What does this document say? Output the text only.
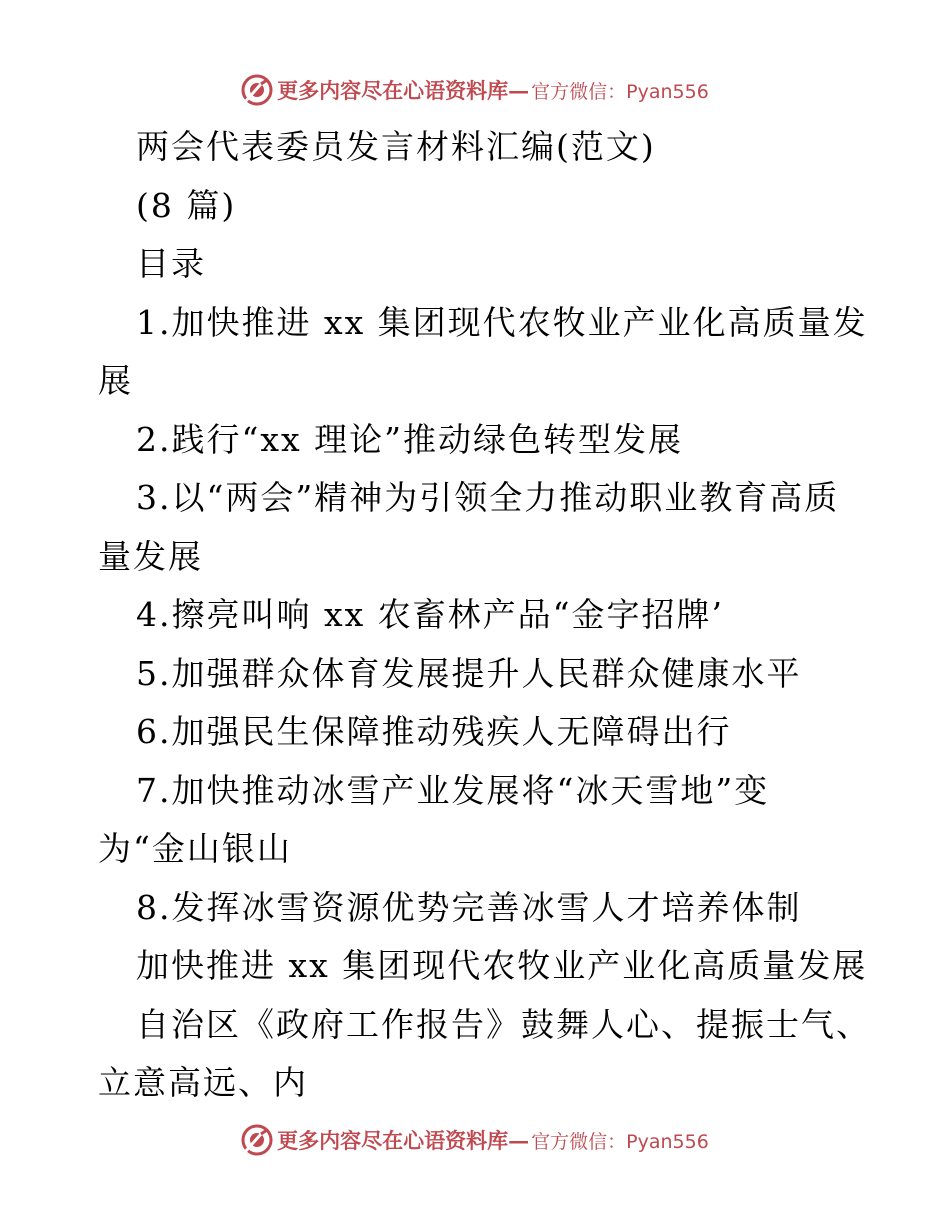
更多内容尽在心语资料库 — 官方微信：Pyan556
两会代表委员发言材料汇编(范文)
(8 篇)
目录
1.加快推进 xx 集团现代农牧业产业化高质量发
展
2.践行“xx 理论”推动绿色转型发展
3.以“两会”精神为引领全力推动职业教育高质
量发展
4.擦亮叫响 xx 农畜林产品“金字招牌’
5.加强群众体育发展提升人民群众健康水平
6.加强民生保障推动残疾人无障碍出行
7.加快推动冰雪产业发展将“冰天雪地”变
为“金山银山
8.发挥冰雪资源优势完善冰雪人才培养体制
加快推进 xx 集团现代农牧业产业化高质量发展
自治区《政府工作报告》鼓舞人心、提振士气、
立意高远、内
更多内容尽在心语资料库 — 官方微信：Pyan556
